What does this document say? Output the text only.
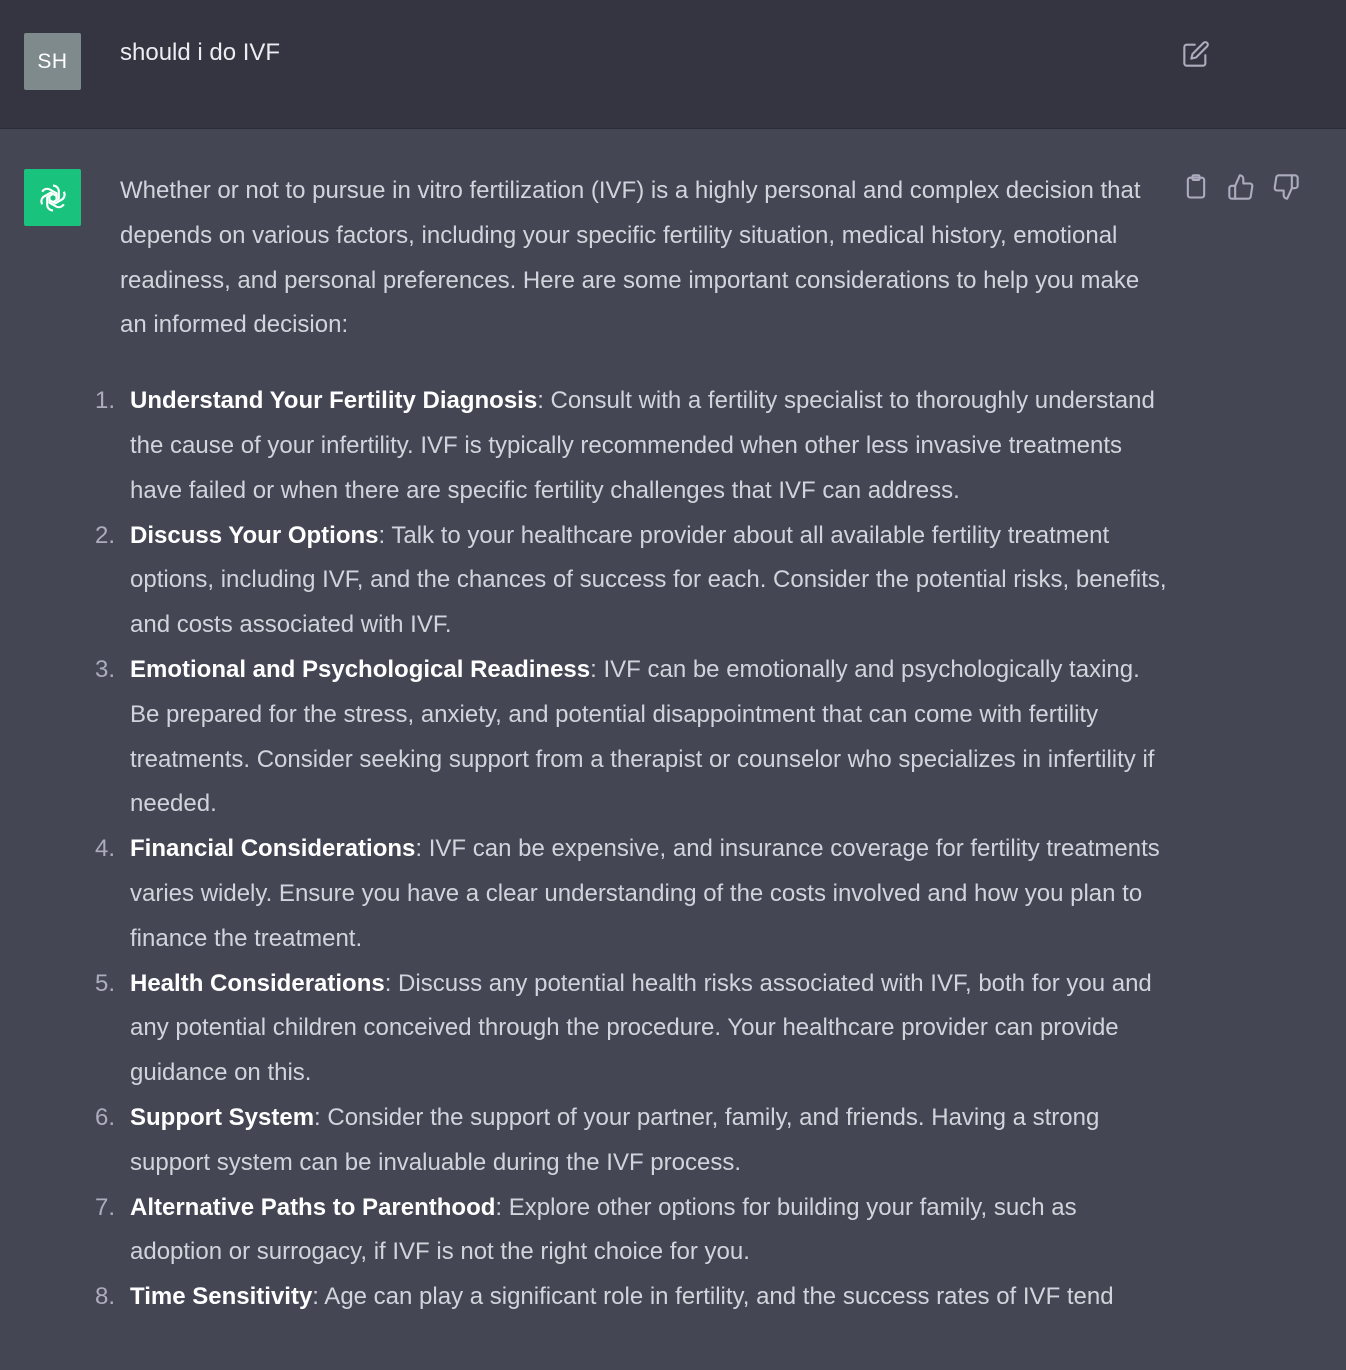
SH should i do IVF

Whether or not to pursue in vitro fertilization (IVF) is a highly personal and complex decision that depends on various factors, including your specific fertility situation, medical history, emotional readiness, and personal preferences. Here are some important considerations to help you make an informed decision:

1. Understand Your Fertility Diagnosis: Consult with a fertility specialist to thoroughly understand the cause of your infertility. IVF is typically recommended when other less invasive treatments have failed or when there are specific fertility challenges that IVF can address.
2. Discuss Your Options: Talk to your healthcare provider about all available fertility treatment options, including IVF, and the chances of success for each. Consider the potential risks, benefits, and costs associated with IVF.
3. Emotional and Psychological Readiness: IVF can be emotionally and psychologically taxing. Be prepared for the stress, anxiety, and potential disappointment that can come with fertility treatments. Consider seeking support from a therapist or counselor who specializes in infertility if needed.
4. Financial Considerations: IVF can be expensive, and insurance coverage for fertility treatments varies widely. Ensure you have a clear understanding of the costs involved and how you plan to finance the treatment.
5. Health Considerations: Discuss any potential health risks associated with IVF, both for you and any potential children conceived through the procedure. Your healthcare provider can provide guidance on this.
6. Support System: Consider the support of your partner, family, and friends. Having a strong support system can be invaluable during the IVF process.
7. Alternative Paths to Parenthood: Explore other options for building your family, such as adoption or surrogacy, if IVF is not the right choice for you.
8. Time Sensitivity: Age can play a significant role in fertility, and the success rates of IVF tend
